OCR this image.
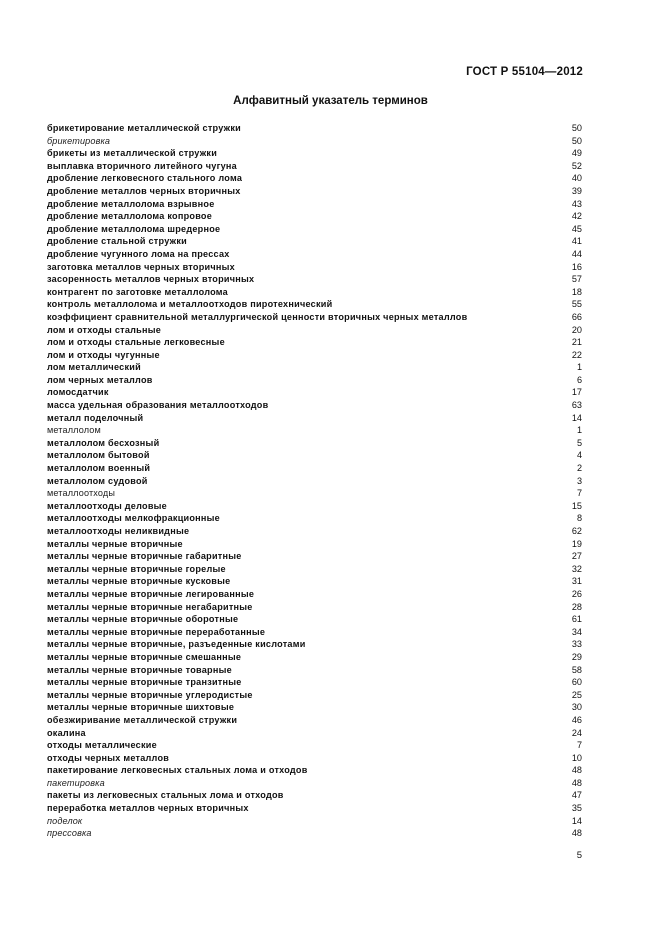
ГОСТ Р 55104—2012
Алфавитный указатель терминов
брикетирование металлической стружки	50
брикетировка	50
брикеты из металлической стружки	49
выплавка вторичного литейного чугуна	52
дробление легковесного стального лома	40
дробление металлов черных вторичных	39
дробление металлолома взрывное	43
дробление металлолома копровое	42
дробление металлолома шредерное	45
дробление стальной стружки	41
дробление чугунного лома на прессах	44
заготовка металлов черных вторичных	16
засоренность металлов черных вторичных	57
контрагент по заготовке металлолома	18
контроль металлолома и металлоотходов пиротехнический	55
коэффициент сравнительной металлургической ценности вторичных черных металлов	66
лом и отходы стальные	20
лом и отходы стальные легковесные	21
лом и отходы чугунные	22
лом металлический	1
лом черных металлов	6
ломосдатчик	17
масса удельная образования металлоотходов	63
металл поделочный	14
металлолом	1
металлолом бесхозный	5
металлолом бытовой	4
металлолом военный	2
металлолом судовой	3
металлоотходы	7
металлоотходы деловые	15
металлоотходы мелкофракционные	8
металлоотходы неликвидные	62
металлы черные вторичные	19
металлы черные вторичные габаритные	27
металлы черные вторичные горелые	32
металлы черные вторичные кусковые	31
металлы черные вторичные легированные	26
металлы черные вторичные негабаритные	28
металлы черные вторичные оборотные	61
металлы черные вторичные переработанные	34
металлы черные вторичные, разъеденные кислотами	33
металлы черные вторичные смешанные	29
металлы черные вторичные товарные	58
металлы черные вторичные транзитные	60
металлы черные вторичные углеродистые	25
металлы черные вторичные шихтовые	30
обезжиривание металлической стружки	46
окалина	24
отходы металлические	7
отходы черных металлов	10
пакетирование легковесных стальных лома и отходов	48
пакетировка	48
пакеты из легковесных стальных лома и отходов	47
переработка металлов черных вторичных	35
поделок	14
прессовка	48
5
